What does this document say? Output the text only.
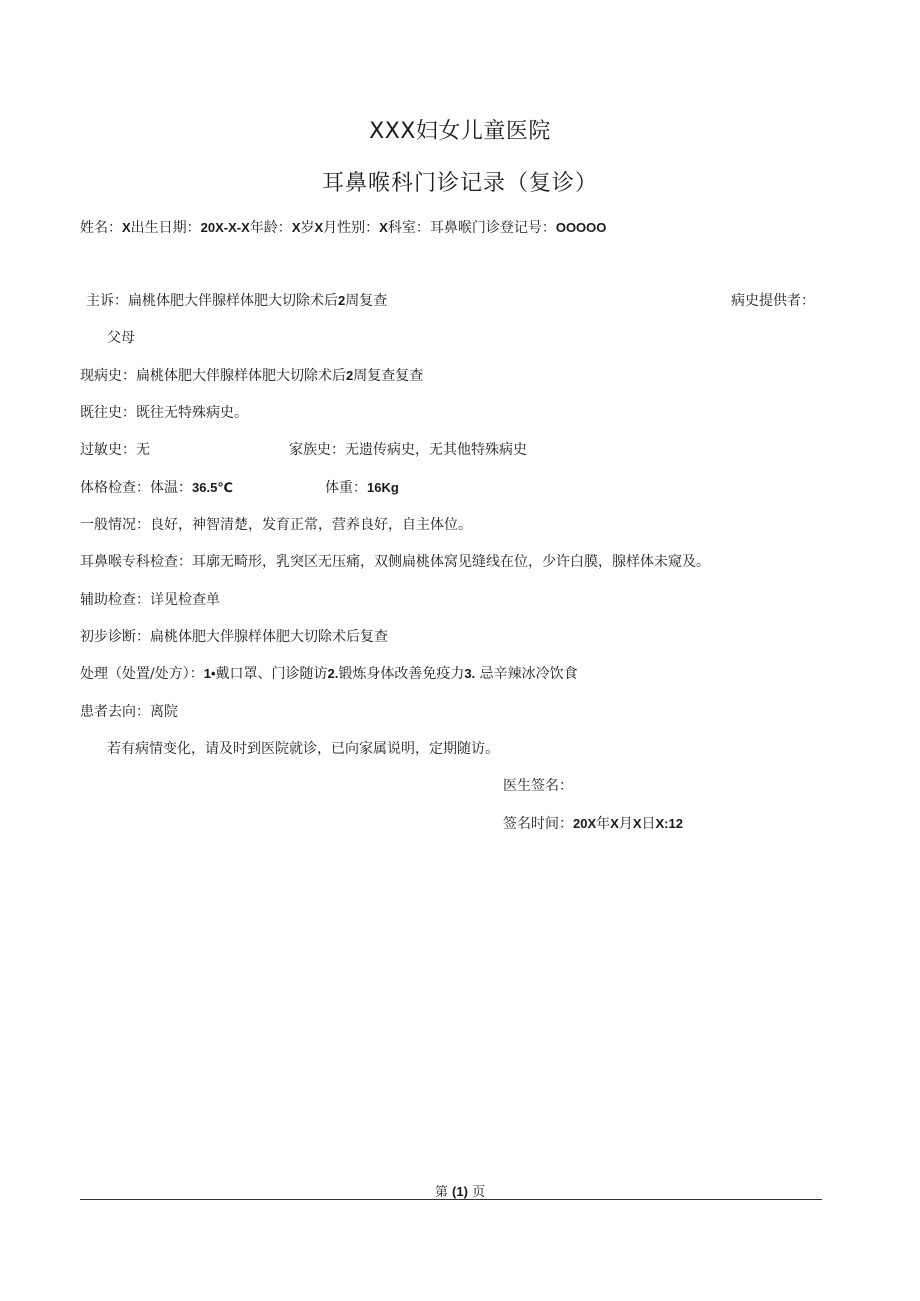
XXX妇女儿童医院
耳鼻喉科门诊记录（复诊）
姓名：X出生日期：20X-X-X年龄：X岁X月性别：X科室：耳鼻喉门诊登记号：OOOOO
主诉：扁桃体肥大伴腺样体肥大切除术后2周复查	病史提供者：
父母
现病史：扁桃体肥大伴腺样体肥大切除术后2周复查复查
既往史：既往无特殊病史。
过敏史：无	家族史：无遗传病史，无其他特殊病史
体格检查：体温：36.5℃	体重：16Kg
一般情况：良好，神智清楚，发育正常，营养良好，自主体位。
耳鼻喉专科检查：耳廓无畸形，乳突区无压痛，双侧扁桃体窝见缝线在位，少许白膜，腺样体未窥及。
辅助检查：详见检查单
初步诊断：扁桃体肥大伴腺样体肥大切除术后复查
处理（处置/处方）：1•戴口罩、门诊随访2.锻炼身体改善免疫力3. 忌辛辣冰冷饮食
患者去向：离院
若有病情变化，请及时到医院就诊，已向家属说明，定期随访。
医生签名：
签名时间：20X年X月X日X:12
第 (1) 页
